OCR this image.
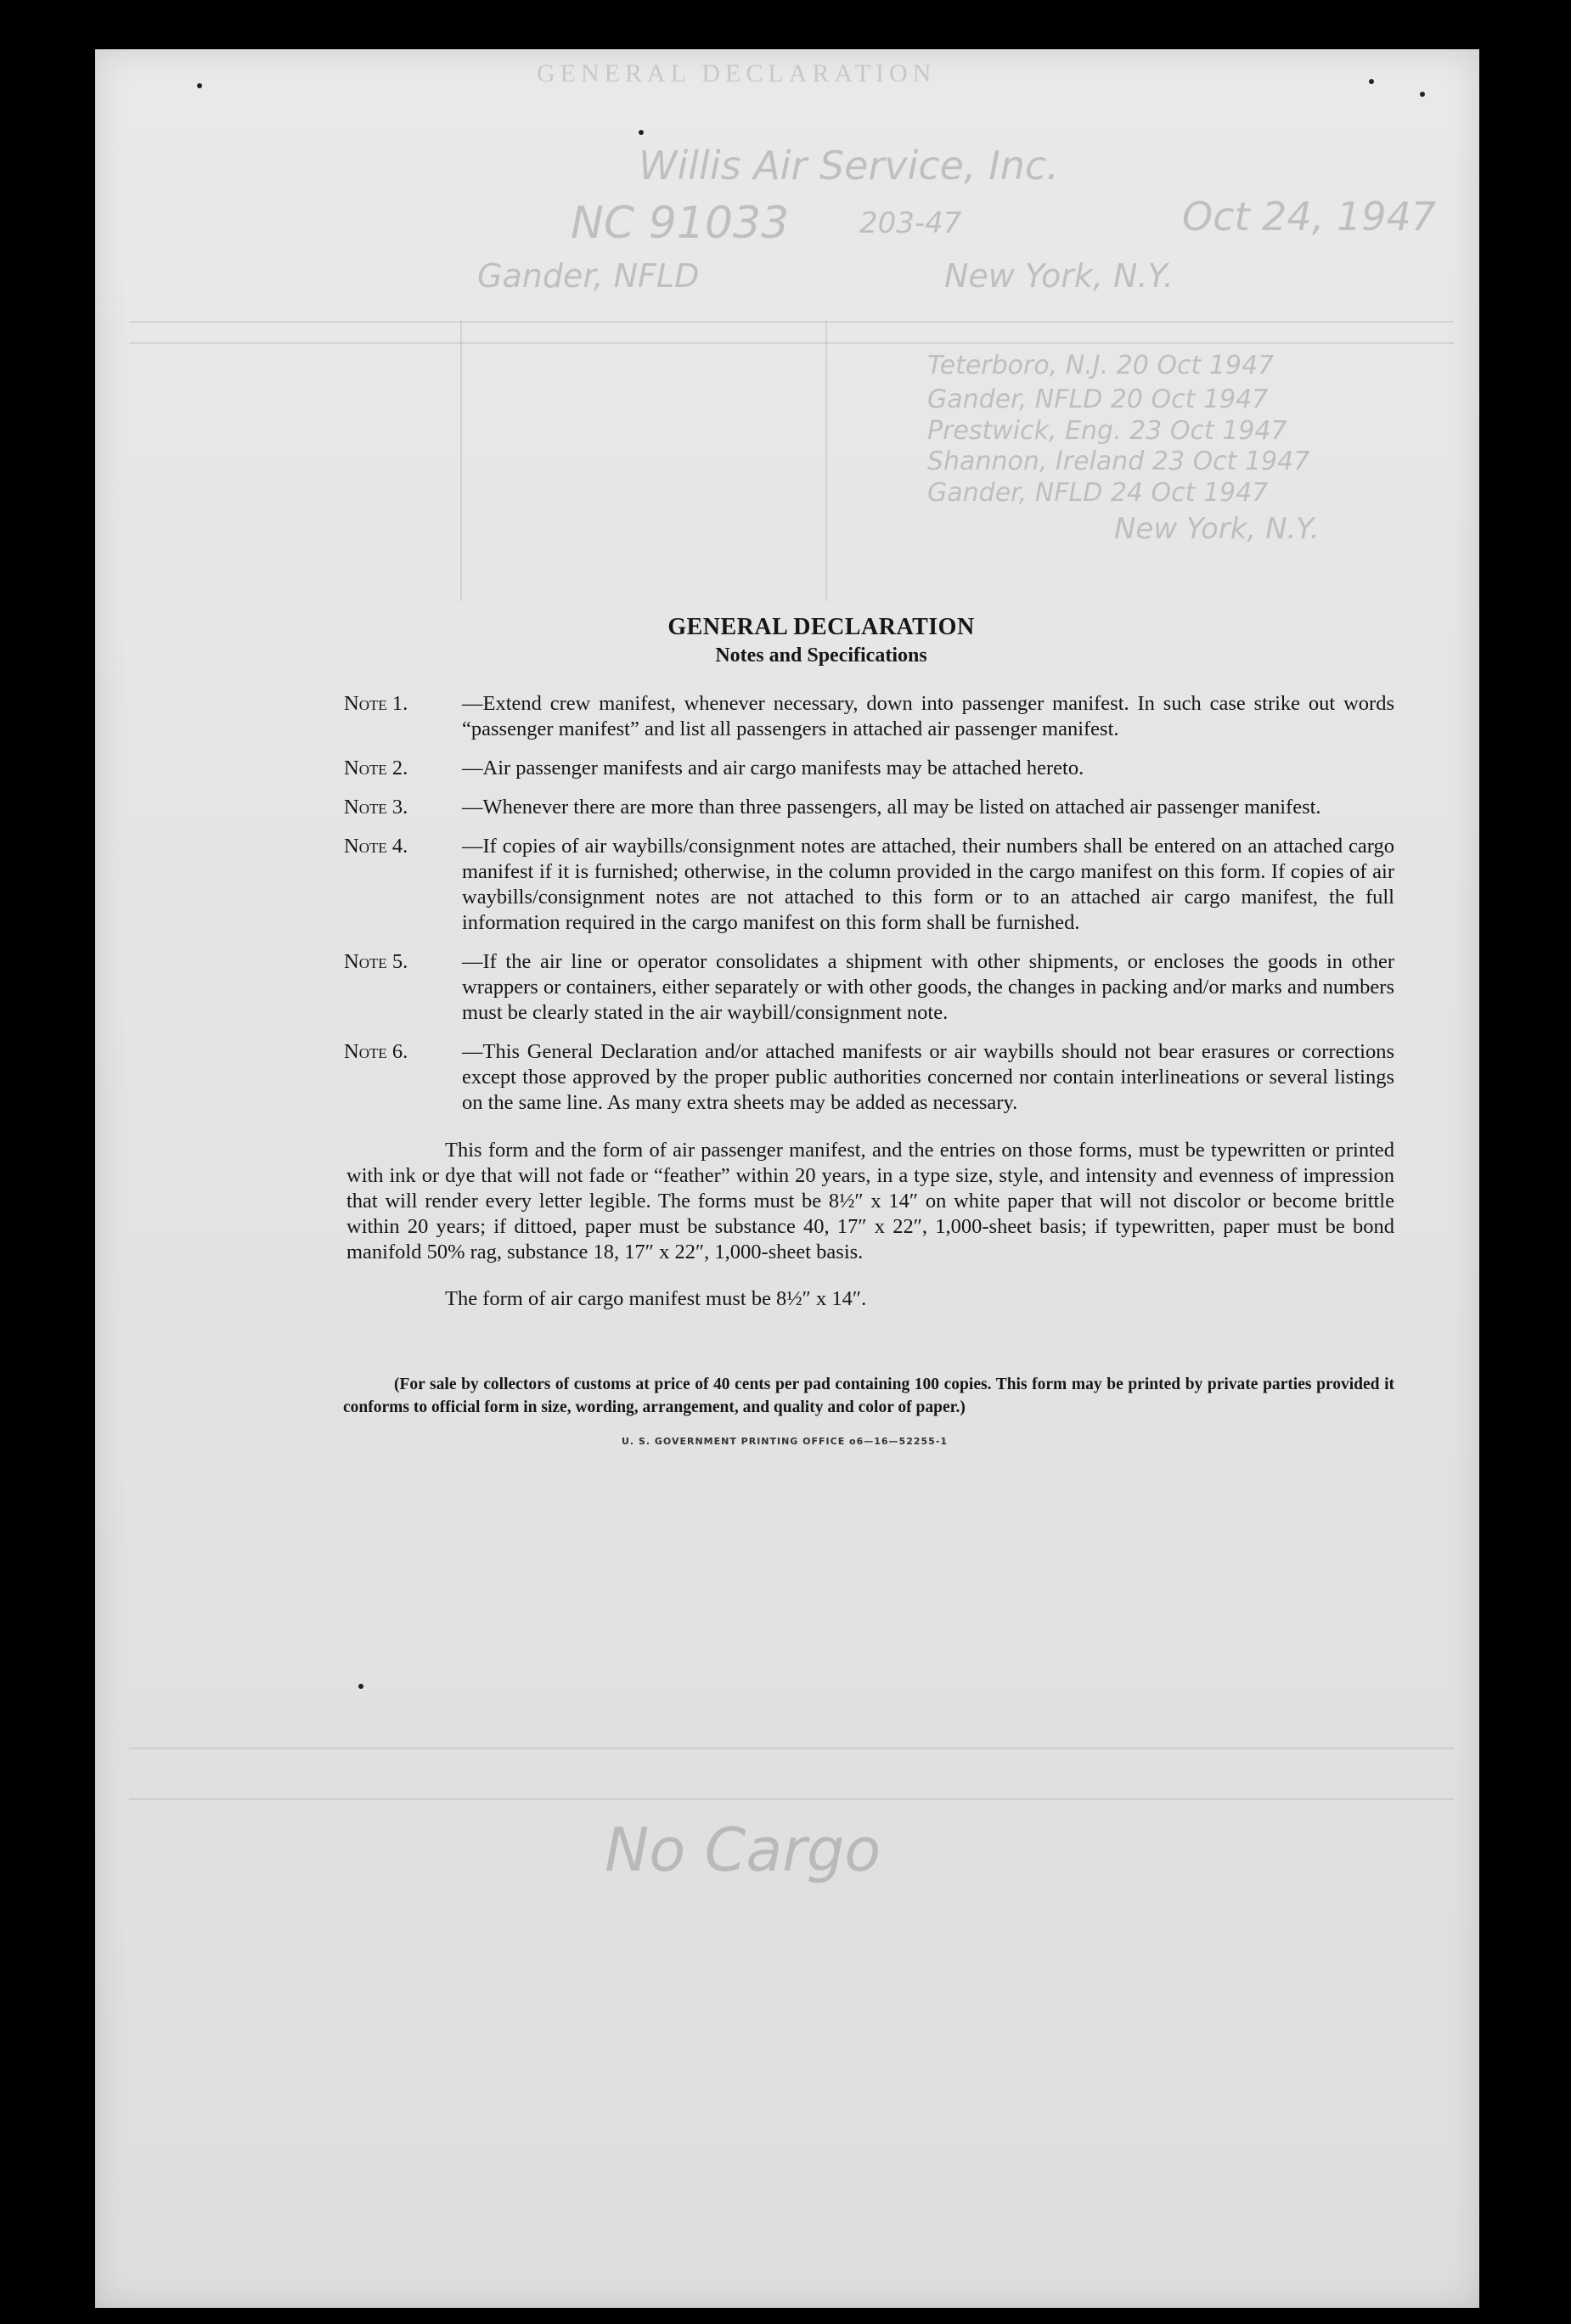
GENERAL DECLARATION
Willis Air Service, Inc.
NC 91033 203-47	Oct 24, 1947
Gander, NFLD	New York, N.Y.
Teterboro, N.J. 20 Oct 1947
Gander, NFLD 20 Oct 1947
Prestwick, Eng. 23 Oct 1947
Shannon, Ireland 23 Oct 1947
Gander, NFLD 24 Oct 1947
New York, N.Y.
No Cargo

GENERAL DECLARATION

Notes and Specifications

Note 1.	—Extend crew manifest, whenever necessary, down into passenger manifest. In such case strike out words “passenger manifest” and list all passengers in attached air passenger manifest.
Note 2.	—Air passenger manifests and air cargo manifests may be attached hereto.
Note 3.	—Whenever there are more than three passengers, all may be listed on attached air passenger manifest.
Note 4.	—If copies of air waybills/consignment notes are attached, their numbers shall be entered on an attached cargo manifest if it is furnished; otherwise, in the column provided in the cargo manifest on this form. If copies of air waybills/consignment notes are not attached to this form or to an attached air cargo manifest, the full information required in the cargo manifest on this form shall be furnished.
Note 5.	—If the air line or operator consolidates a shipment with other shipments, or encloses the goods in other wrappers or containers, either separately or with other goods, the changes in packing and/or marks and numbers must be clearly stated in the air waybill/consignment note.
Note 6.	—This General Declaration and/or attached manifests or air waybills should not bear erasures or corrections except those approved by the proper public authorities concerned nor contain interlineations or several listings on the same line. As many extra sheets may be added as necessary.

This form and the form of air passenger manifest, and the entries on those forms, must be typewritten or printed with ink or dye that will not fade or “feather” within 20 years, in a type size, style, and intensity and evenness of impression that will render every letter legible. The forms must be 8½″ x 14″ on white paper that will not discolor or become brittle within 20 years; if dittoed, paper must be substance 40, 17″ x 22″, 1,000-sheet basis; if typewritten, paper must be bond manifold 50% rag, substance 18, 17″ x 22″, 1,000-sheet basis.

The form of air cargo manifest must be 8½″ x 14″.

(For sale by collectors of customs at price of 40 cents per pad containing 100 copies. This form may be printed by private parties provided it conforms to official form in size, wording, arrangement, and quality and color of paper.)

U. S. GOVERNMENT PRINTING OFFICE o6—16—52255-1
